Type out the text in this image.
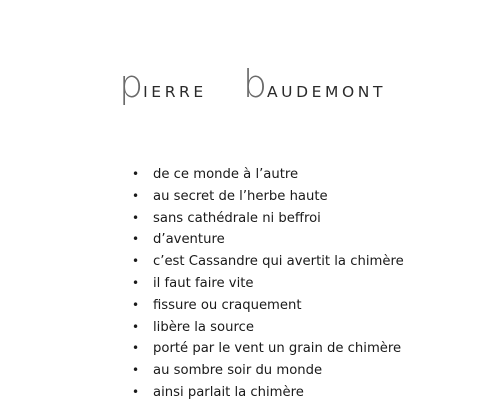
pIERRE bAUDEMONT
• de ce monde à l’autre
• au secret de l’herbe haute
• sans cathédrale ni beffroi
• d’aventure
• c’est Cassandre qui avertit la chimère
• il faut faire vite
• ﬁssure ou craquement
• libère la source
• porté par le vent un grain de chimère
• au sombre soir du monde
• ainsi parlait la chimère
